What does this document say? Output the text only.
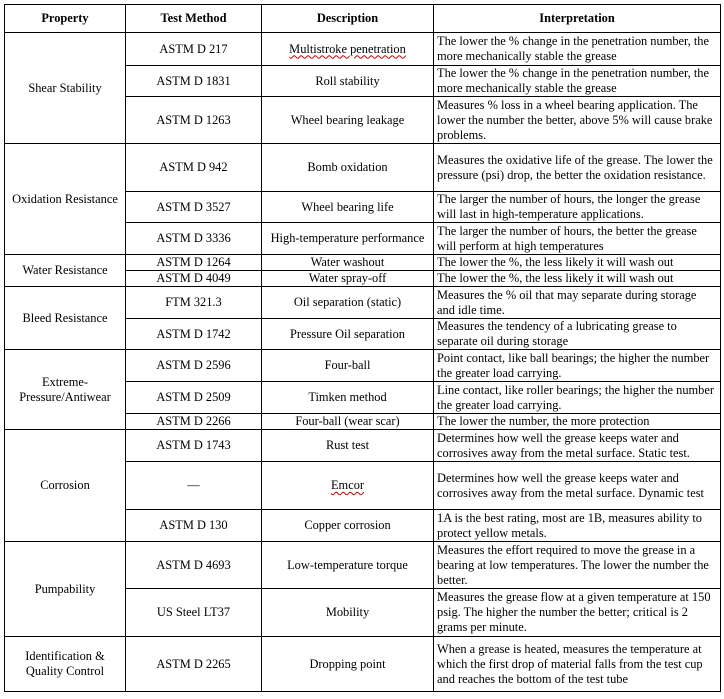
Property	Test Method	Description	Interpretation
Shear Stability	ASTM D 217	Multistroke penetration	The lower the % change in the penetration number, the more mechanically stable the grease
	ASTM D 1831	Roll stability	The lower the % change in the penetration number, the more mechanically stable the grease
	ASTM D 1263	Wheel bearing leakage	Measures % loss in a wheel bearing application. The lower the number the better, above 5% will cause brake problems.
Oxidation Resistance	ASTM D 942	Bomb oxidation	Measures the oxidative life of the grease. The lower the pressure (psi) drop, the better the oxidation resistance.
	ASTM D 3527	Wheel bearing life	The larger the number of hours, the longer the grease will last in high-temperature applications.
	ASTM D 3336	High-temperature performance	The larger the number of hours, the better the grease will perform at high temperatures
Water Resistance	ASTM D 1264	Water washout	The lower the %, the less likely it will wash out
	ASTM D 4049	Water spray-off	The lower the %, the less likely it will wash out
Bleed Resistance	FTM 321.3	Oil separation (static)	Measures the % oil that may separate during storage and idle time.
	ASTM D 1742	Pressure Oil separation	Measures the tendency of a lubricating grease to separate oil during storage
Extreme-Pressure/Antiwear	ASTM D 2596	Four-ball	Point contact, like ball bearings; the higher the number the greater load carrying.
	ASTM D 2509	Timken method	Line contact, like roller bearings; the higher the number the greater load carrying.
	ASTM D 2266	Four-ball (wear scar)	The lower the number, the more protection
Corrosion	ASTM D 1743	Rust test	Determines how well the grease keeps water and corrosives away from the metal surface. Static test.
	—	Emcor	Determines how well the grease keeps water and corrosives away from the metal surface. Dynamic test
	ASTM D 130	Copper corrosion	1A is the best rating, most are 1B, measures ability to protect yellow metals.
Pumpability	ASTM D 4693	Low-temperature torque	Measures the effort required to move the grease in a bearing at low temperatures. The lower the number the better.
	US Steel LT37	Mobility	Measures the grease flow at a given temperature at 150 psig. The higher the number the better; critical is 2 grams per minute.
Identification & Quality Control	ASTM D 2265	Dropping point	When a grease is heated, measures the temperature at which the first drop of material falls from the test cup and reaches the bottom of the test tube
